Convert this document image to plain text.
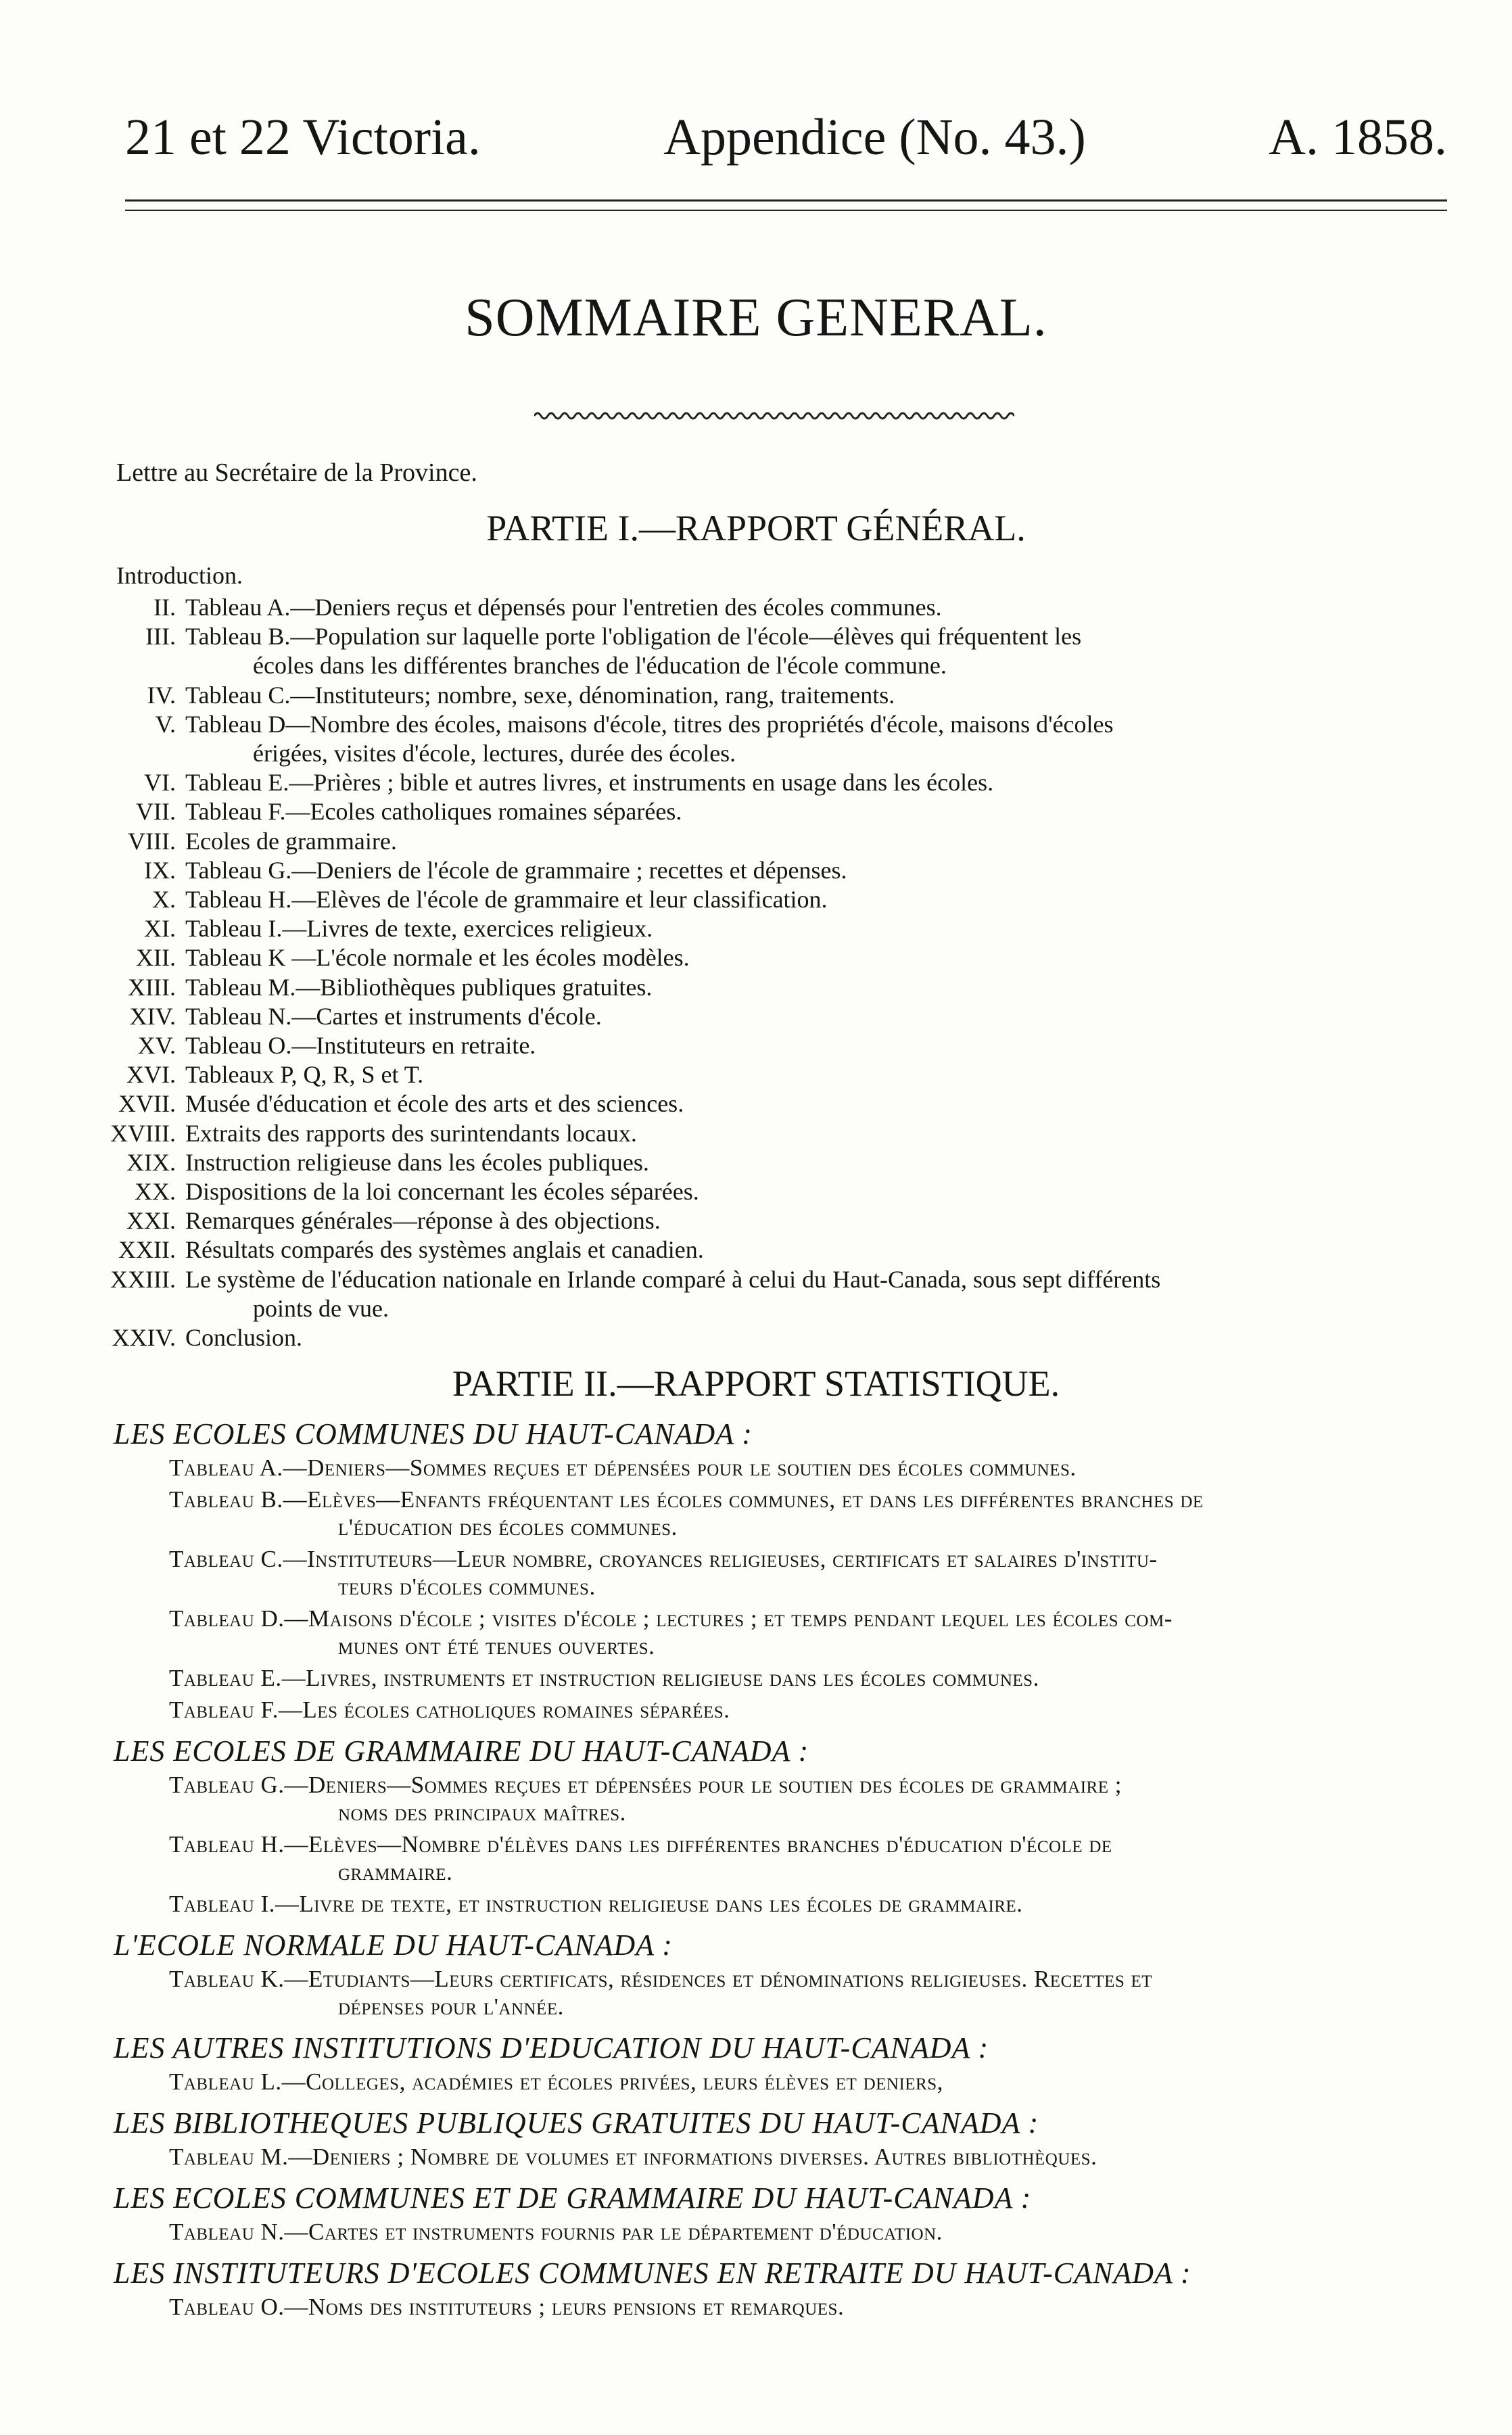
21 et 22 Victoria.	Appendice (No. 43.)	A. 1858.
SOMMAIRE GENERAL.
Lettre au Secrétaire de la Province.
PARTIE I.—RAPPORT GÉNÉRAL.
Introduction.
II. Tableau A.—Deniers reçus et dépensés pour l'entretien des écoles communes.
III. Tableau B.—Population sur laquelle porte l'obligation de l'école—élèves qui fréquentent les
écoles dans les différentes branches de l'éducation de l'école commune.
IV. Tableau C.—Instituteurs; nombre, sexe, dénomination, rang, traitements.
V. Tableau D—Nombre des écoles, maisons d'école, titres des propriétés d'école, maisons d'écoles
érigées, visites d'école, lectures, durée des écoles.
VI. Tableau E.—Prières ; bible et autres livres, et instruments en usage dans les écoles.
VII. Tableau F.—Ecoles catholiques romaines séparées.
VIII. Ecoles de grammaire.
IX. Tableau G.—Deniers de l'école de grammaire ; recettes et dépenses.
X. Tableau H.—Elèves de l'école de grammaire et leur classification.
XI. Tableau I.—Livres de texte, exercices religieux.
XII. Tableau K —L'école normale et les écoles modèles.
XIII. Tableau M.—Bibliothèques publiques gratuites.
XIV. Tableau N.—Cartes et instruments d'école.
XV. Tableau O.—Instituteurs en retraite.
XVI. Tableaux P, Q, R, S et T.
XVII. Musée d'éducation et école des arts et des sciences.
XVIII. Extraits des rapports des surintendants locaux.
XIX. Instruction religieuse dans les écoles publiques.
XX. Dispositions de la loi concernant les écoles séparées.
XXI. Remarques générales—réponse à des objections.
XXII. Résultats comparés des systèmes anglais et canadien.
XXIII. Le système de l'éducation nationale en Irlande comparé à celui du Haut-Canada, sous sept différents
points de vue.
XXIV. Conclusion.
PARTIE II.—RAPPORT STATISTIQUE.
LES ECOLES COMMUNES DU HAUT-CANADA :
Tableau A.—Deniers—Sommes reçues et dépensées pour le soutien des écoles communes.
Tableau B.—Elèves—Enfants fréquentant les écoles communes, et dans les différentes branches de
l'éducation des écoles communes.
Tableau C.—Instituteurs—Leur nombre, croyances religieuses, certificats et salaires d'institu-
teurs d'écoles communes.
Tableau D.—Maisons d'école ; visites d'école ; lectures ; et temps pendant lequel les écoles com-
munes ont été tenues ouvertes.
Tableau E.—Livres, instruments et instruction religieuse dans les écoles communes.
Tableau F.—Les écoles catholiques romaines séparées.
LES ECOLES DE GRAMMAIRE DU HAUT-CANADA :
Tableau G.—Deniers—Sommes reçues et dépensées pour le soutien des écoles de grammaire ;
noms des principaux maîtres.
Tableau H.—Elèves—Nombre d'élèves dans les différentes branches d'éducation d'école de
grammaire.
Tableau I.—Livre de texte, et instruction religieuse dans les écoles de grammaire.
L'ECOLE NORMALE DU HAUT-CANADA :
Tableau K.—Etudiants—Leurs certificats, résidences et dénominations religieuses. Recettes et
dépenses pour l'année.
LES AUTRES INSTITUTIONS D'EDUCATION DU HAUT-CANADA :
Tableau L.—Colleges, académies et écoles privées, leurs élèves et deniers,
LES BIBLIOTHEQUES PUBLIQUES GRATUITES DU HAUT-CANADA :
Tableau M.—Deniers ; Nombre de volumes et informations diverses. Autres bibliothèques.
LES ECOLES COMMUNES ET DE GRAMMAIRE DU HAUT-CANADA :
Tableau N.—Cartes et instruments fournis par le département d'éducation.
LES INSTITUTEURS D'ECOLES COMMUNES EN RETRAITE DU HAUT-CANADA :
Tableau O.—Noms des instituteurs ; leurs pensions et remarques.
